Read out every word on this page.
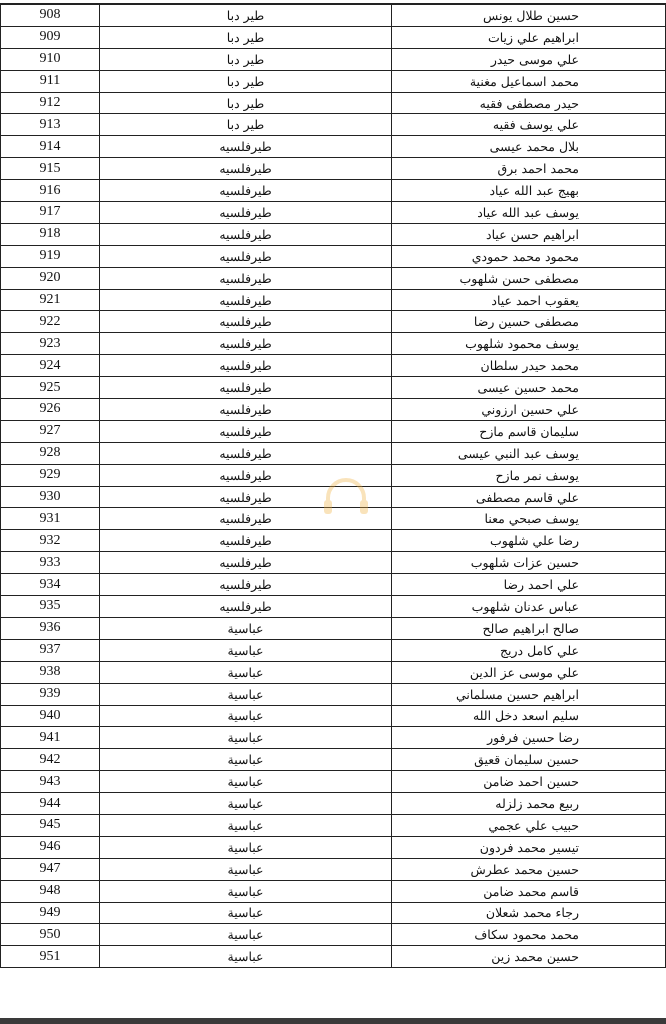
908	طير دبا	حسين طلال يونس
909	طير دبا	ابراهيم علي زيات
910	طير دبا	علي موسى حيدر
911	طير دبا	محمد اسماعيل مغنية
912	طير دبا	حيدر مصطفى فقيه
913	طير دبا	علي يوسف فقيه
914	طيرفلسيه	بلال محمد عيسى
915	طيرفلسيه	محمد احمد برق
916	طيرفلسيه	بهيج عبد الله عياد
917	طيرفلسيه	يوسف عبد الله عياد
918	طيرفلسيه	ابراهيم حسن عياد
919	طيرفلسيه	محمود محمد حمودي
920	طيرفلسيه	مصطفى حسن شلهوب
921	طيرفلسيه	يعقوب احمد عياد
922	طيرفلسيه	مصطفى حسين رضا
923	طيرفلسيه	يوسف محمود شلهوب
924	طيرفلسيه	محمد حيدر سلطان
925	طيرفلسيه	محمد حسين عيسى
926	طيرفلسيه	علي حسين ارزوني
927	طيرفلسيه	سليمان قاسم مازح
928	طيرفلسيه	يوسف عبد النبي عيسى
929	طيرفلسيه	يوسف نمر مازح
930	طيرفلسيه	علي قاسم مصطفى
931	طيرفلسيه	يوسف صبحي معنا
932	طيرفلسيه	رضا علي شلهوب
933	طيرفلسيه	حسين عزات شلهوب
934	طيرفلسيه	علي احمد رضا
935	طيرفلسيه	عباس عدنان شلهوب
936	عباسية	صالح ابراهيم صالح
937	عباسية	علي كامل دريج
938	عباسية	علي موسى عز الدين
939	عباسية	ابراهيم حسين مسلماني
940	عباسية	سليم اسعد دخل الله
941	عباسية	رضا حسين فرفور
942	عباسية	حسين سليمان قعيق
943	عباسية	حسين احمد ضامن
944	عباسية	ربيع محمد زلزله
945	عباسية	حبيب علي عجمي
946	عباسية	تيسير محمد فردون
947	عباسية	حسين محمد عطرش
948	عباسية	قاسم محمد ضامن
949	عباسية	رجاء محمد شعلان
950	عباسية	محمد محمود سكاف
951	عباسية	حسين محمد زين
